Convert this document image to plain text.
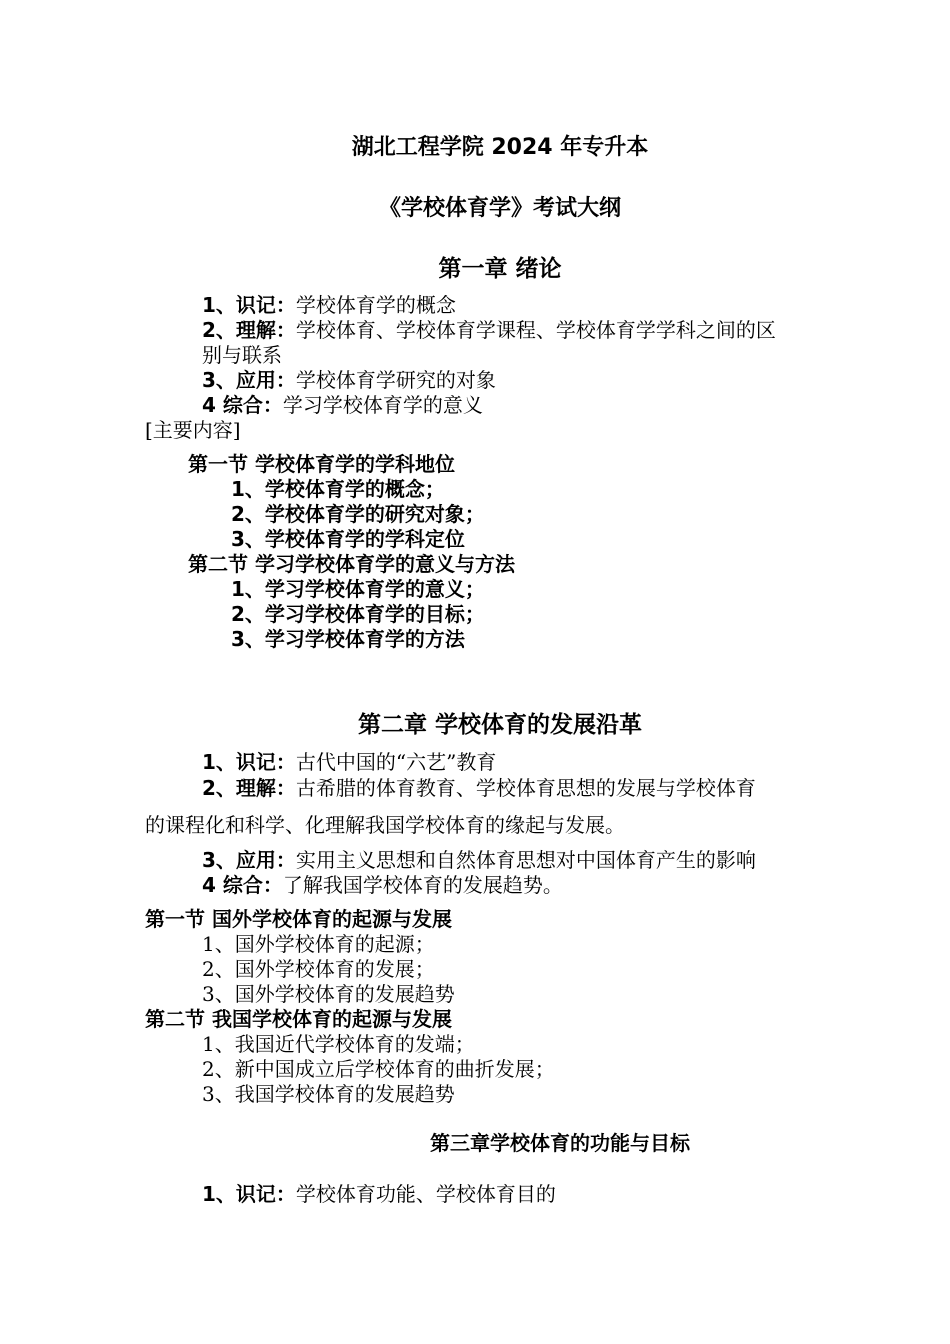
湖北工程学院 2024 年专升本
《学校体育学》考试大纲
第一章 绪论
1、识记：学校体育学的概念
2、理解：学校体育、学校体育学课程、学校体育学学科之间的区
别与联系
3、应用：学校体育学研究的对象
4 综合：学习学校体育学的意义
[主要内容]
第一节 学校体育学的学科地位
1、学校体育学的概念；
2、学校体育学的研究对象；
3、学校体育学的学科定位
第二节 学习学校体育学的意义与方法
1、学习学校体育学的意义；
2、学习学校体育学的目标；
3、学习学校体育学的方法
第二章 学校体育的发展沿革
1、识记：古代中国的“六艺”教育
2、理解：古希腊的体育教育、学校体育思想的发展与学校体育
的课程化和科学、化理解我国学校体育的缘起与发展。
3、应用：实用主义思想和自然体育思想对中国体育产生的影响
4 综合：了解我国学校体育的发展趋势。
第一节 国外学校体育的起源与发展
1、国外学校体育的起源；
2、国外学校体育的发展；
3、国外学校体育的发展趋势
第二节 我国学校体育的起源与发展
1、我国近代学校体育的发端；
2、新中国成立后学校体育的曲折发展；
3、我国学校体育的发展趋势
第三章学校体育的功能与目标
1、识记：学校体育功能、学校体育目的
